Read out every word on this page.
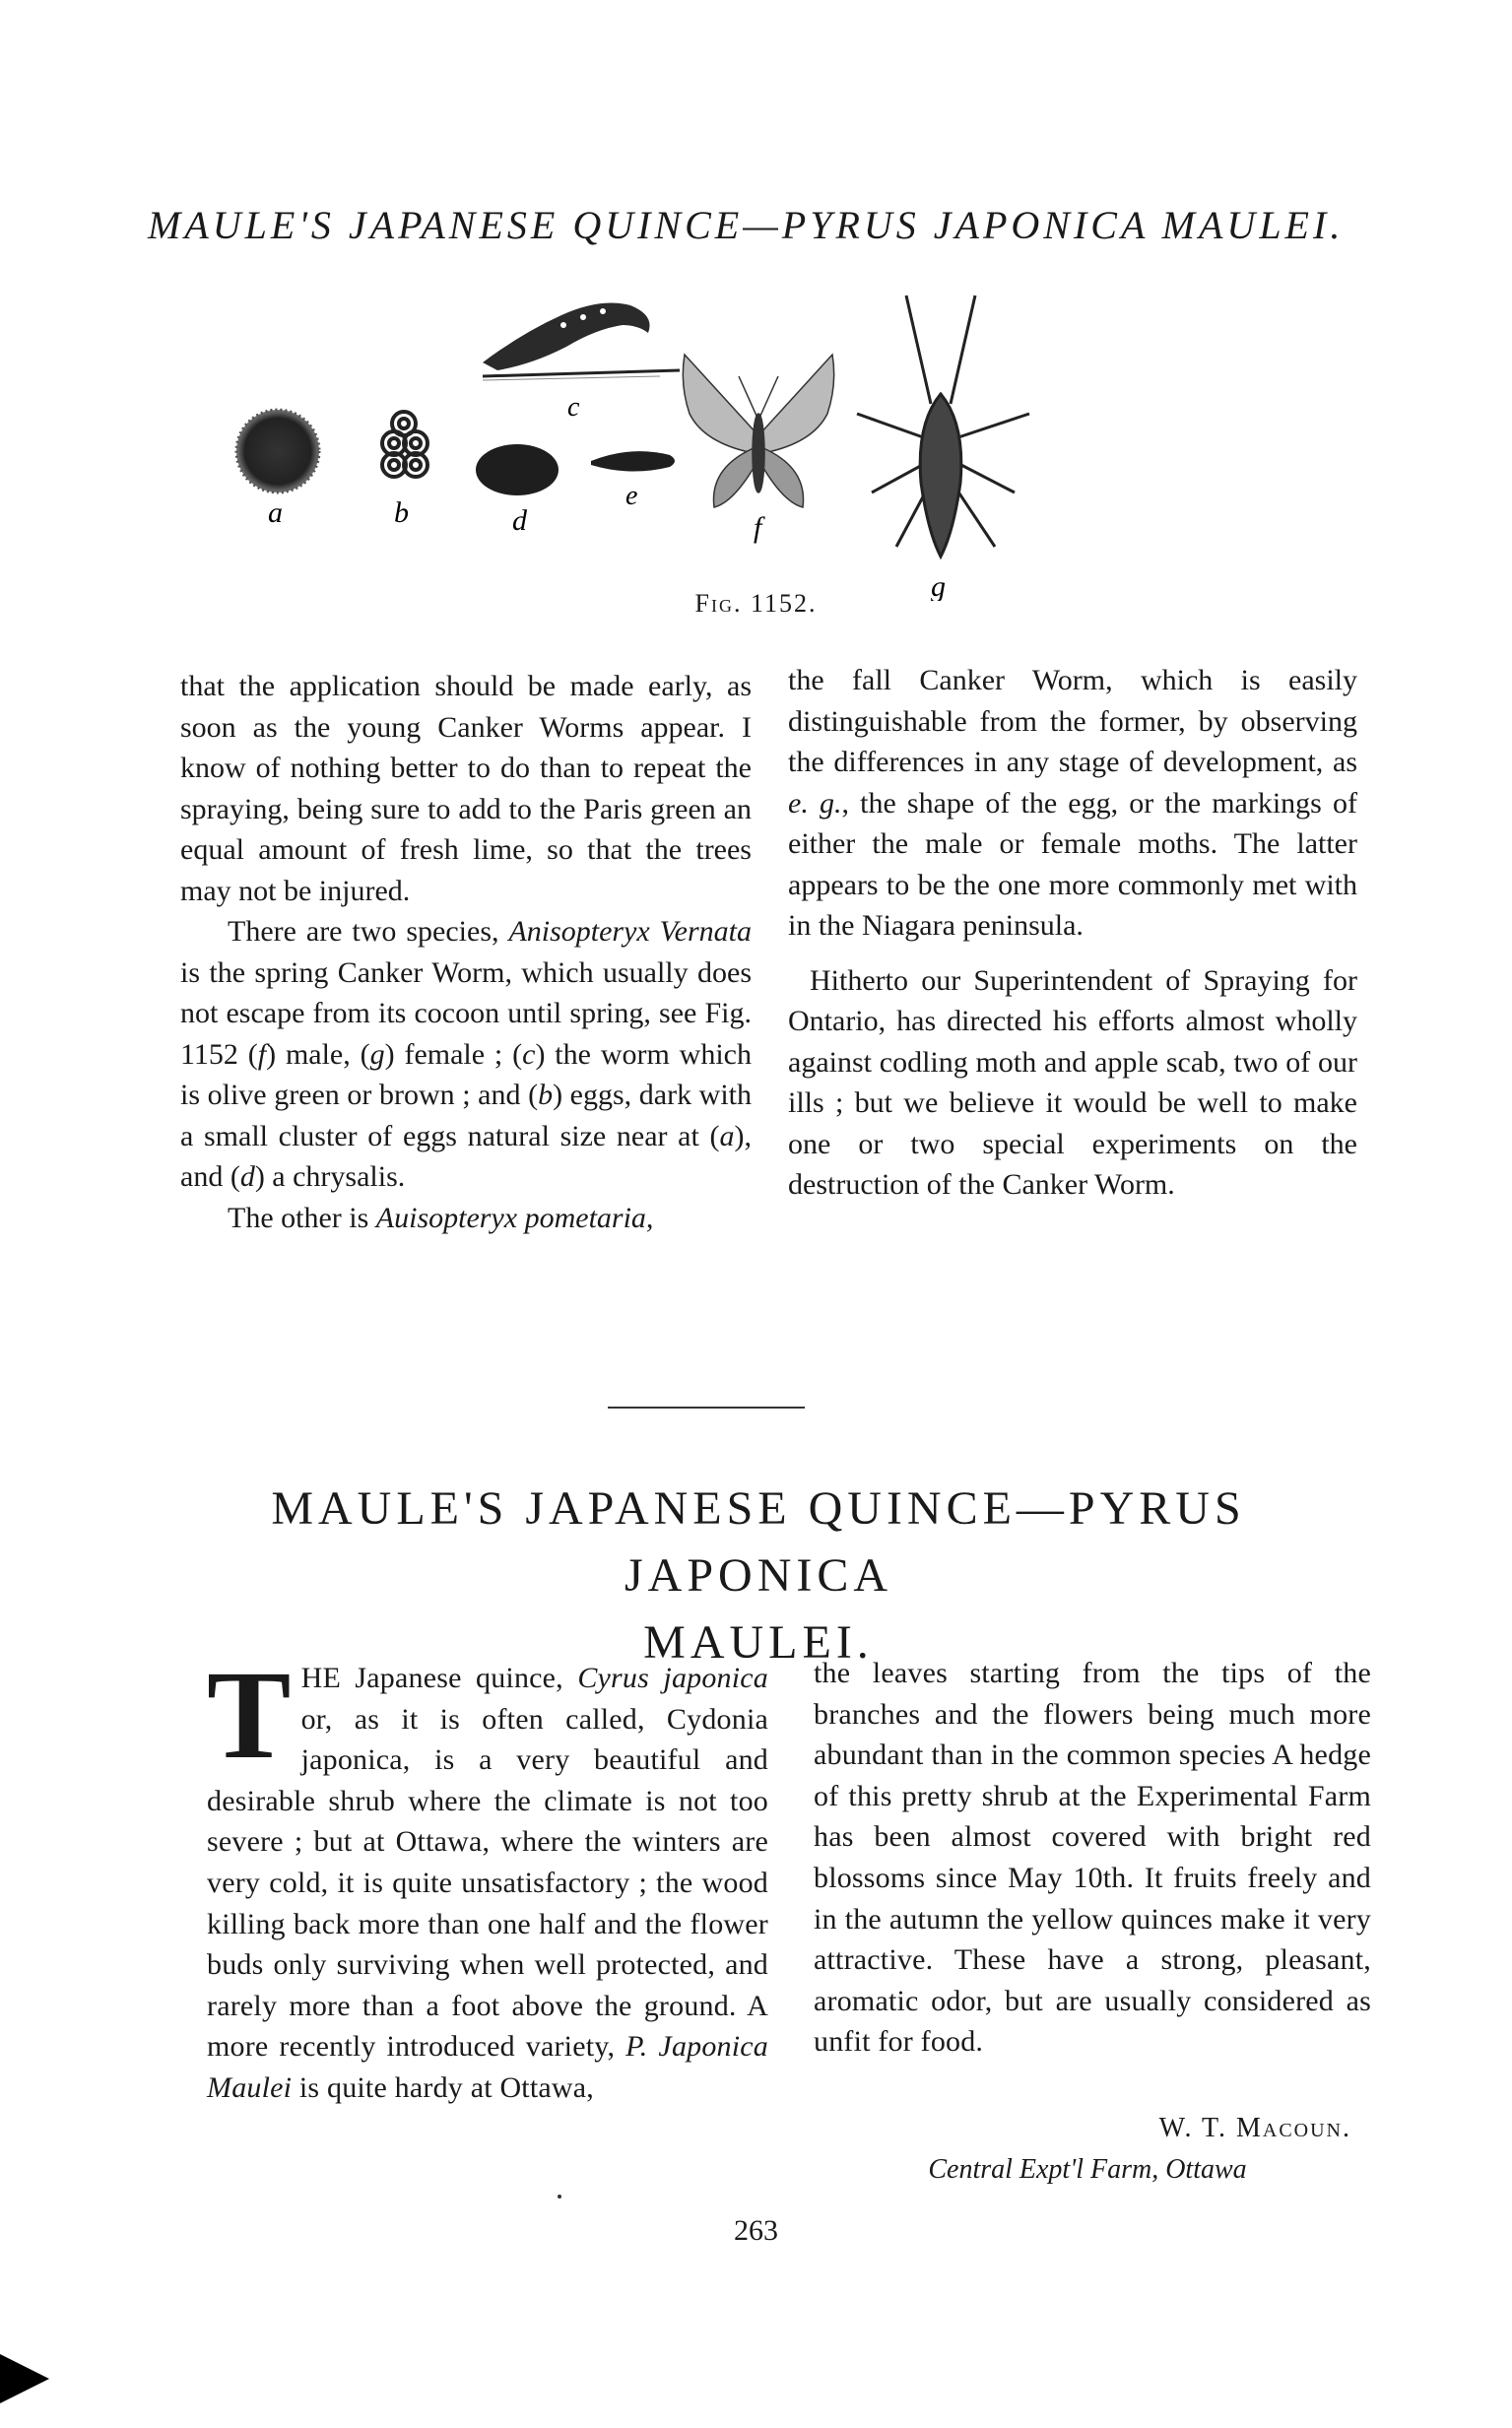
MAULE'S JAPANESE QUINCE—PYRUS JAPONICA MAULEI.
a	b
c
d
e
f
g
Fig. 1152.

that the application should be made early, as soon as the young Canker Worms appear. I know of nothing better to do than to repeat the spraying, being sure to add to the Paris green an equal amount of fresh lime, so that the trees may not be injured.

There are two species, Anisopteryx Vernata is the spring Canker Worm, which usually does not escape from its cocoon until spring, see Fig. 1152 (f) male, (g) female ; (c) the worm which is olive green or brown ; and (b) eggs, dark with a small cluster of eggs natural size near at (a), and (d) a chrysalis.

The other is Auisopteryx pometaria,

the fall Canker Worm, which is easily distinguishable from the former, by observing the differences in any stage of development, as e. g., the shape of the egg, or the markings of either the male or female moths. The latter appears to be the one more commonly met with in the Niagara peninsula.

Hitherto our Superintendent of Spraying for Ontario, has directed his efforts almost wholly against codling moth and apple scab, two of our ills ; but we believe it would be well to make one or two special experiments on the destruction of the Canker Worm.

MAULE'S JAPANESE QUINCE—PYRUS JAPONICA
MAULEI.
T HE Japanese quince, Cyrus japonica or, as it is often called, Cydonia japonica, is a very beautiful and desirable shrub where the climate is not too severe ; but at Ottawa, where the winters are very cold, it is quite unsatisfactory ; the wood killing back more than one half and the flower buds only surviving when well protected, and rarely more than a foot above the ground. A more recently introduced variety, P. Japonica Maulei is quite hardy at Ottawa,

the leaves starting from the tips of the branches and the flowers being much more abundant than in the common species A hedge of this pretty shrub at the Experimental Farm has been almost covered with bright red blossoms since May 10th. It fruits freely and in the autumn the yellow quinces make it very attractive. These have a strong, pleasant, aromatic odor, but are usually considered as unfit for food.

W. T. Macoun.
Central Expt'l Farm, Ottawa
263
